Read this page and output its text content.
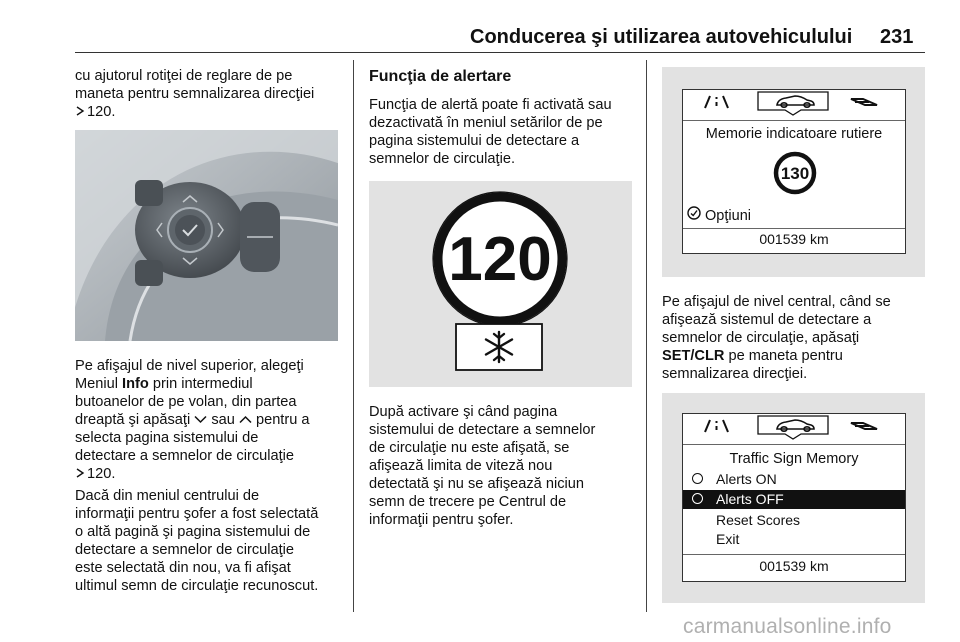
Conducerea şi utilizarea autovehiculului 231
cu ajutorul rotiţei de reglare de pe
maneta pentru semnalizarea direcţiei
120.
Pe afişajul de nivel superior, alegeţi
Meniul Info prin intermediul
butoanelor de pe volan, din partea
dreaptă şi apăsaţi  sau  pentru a
selecta pagina sistemului de
detectare a semnelor de circulaţie
120.
Dacă din meniul centrului de
informaţii pentru şofer a fost selectată
o altă pagină şi pagina sistemului de
detectare a semnelor de circulaţie
este selectată din nou, va fi afişat
ultimul semn de circulaţie recunoscut.
Funcţia de alertare
Funcţia de alertă poate fi activată sau
dezactivată în meniul setărilor de pe
pagina sistemului de detectare a
semnelor de circulaţie.
120
După activare şi când pagina
sistemului de detectare a semnelor
de circulaţie nu este afişată, se
afişează limita de viteză nou
detectată şi nu se afişează niciun
semn de trecere pe Centrul de
informaţii pentru şofer.
Memorie indicatoare rutiere
130
Opţiuni
001539 km
Pe afişajul de nivel central, când se
afişează sistemul de detectare a
semnelor de circulaţie, apăsaţi
SET/CLR pe maneta pentru
semnalizarea direcţiei.
Traffic Sign Memory
Alerts ON
Alerts OFF
Reset Scores
Exit
001539 km
carmanualsonline.info
